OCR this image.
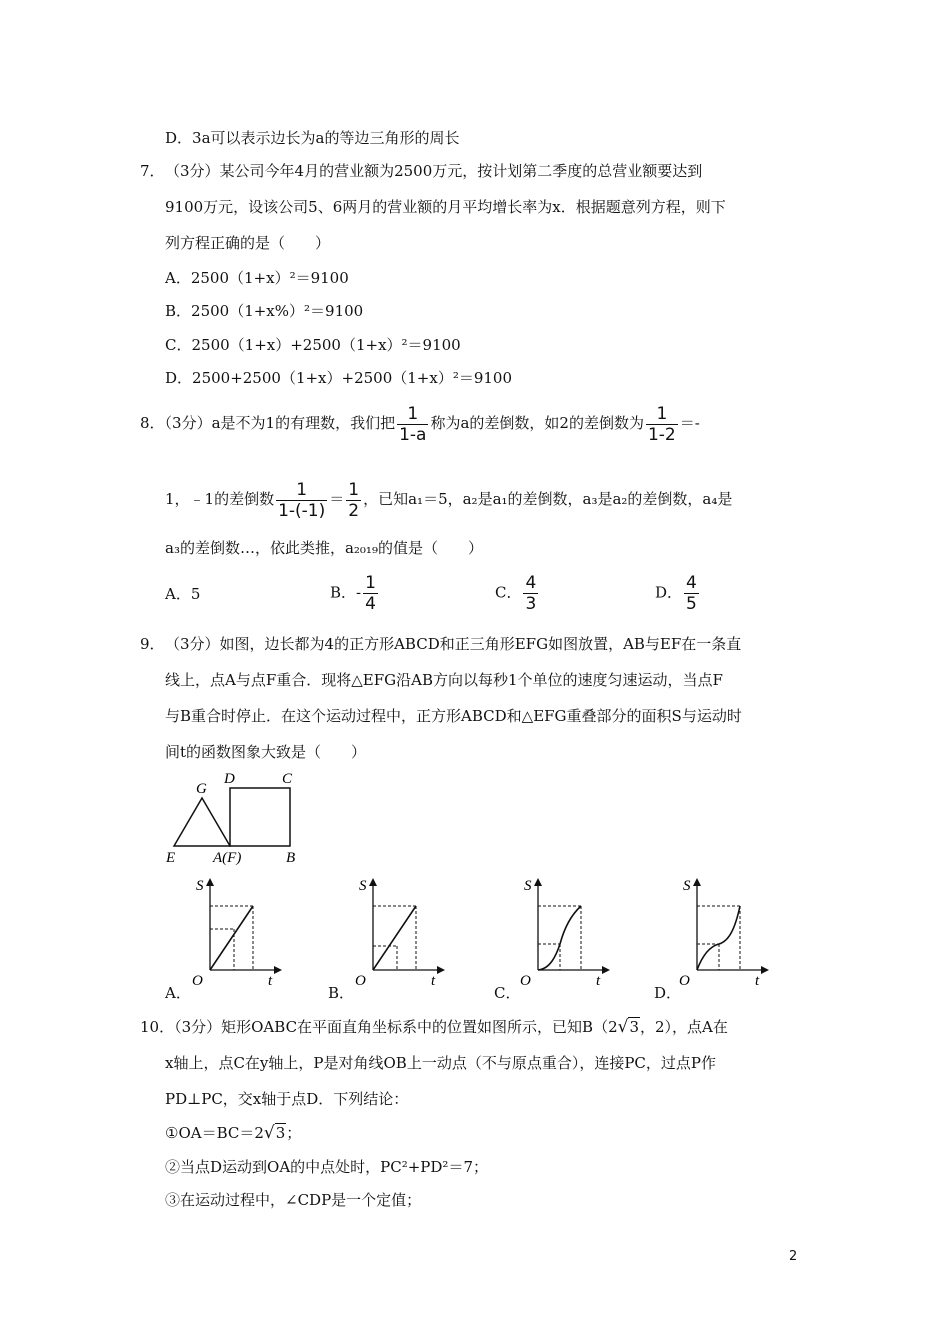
D．3a可以表示边长为a的等边三角形的周长
7． （3分）某公司今年4月的营业额为2500万元，按计划第二季度的总营业额要达到
9100万元，设该公司5、6两月的营业额的月平均增长率为x．根据题意列方程，则下
列方程正确的是（　　）
A．2500（1+x）²＝9100
B．2500（1+x%）²＝9100
C．2500（1+x）+2500（1+x）²＝9100
D．2500+2500（1+x）+2500（1+x）²＝9100
8．（3分）a是不为1的有理数，我们把 $\frac{1}{1-a}$ 称为a的差倒数，如2的差倒数为 $\frac{1}{1-2}$ ＝-
1，﹣1的差倒数 $\frac{1}{1-(-1)} = \frac{1}{2}$ ，已知a₁＝5，a₂是a₁的差倒数，a₃是a₂的差倒数，a₄是
a₃的差倒数…，依此类推，a₂₀₁₉的值是（　　）
A．5	B．- $\frac{1}{4}$	C． $\frac{4}{3}$	D． $\frac{4}{5}$
9． （3分）如图，边长都为4的正方形ABCD和正三角形EFG如图放置，AB与EF在一条直
线上，点A与点F重合．现将△EFG沿AB方向以每秒1个单位的速度匀速运动，当点F
与B重合时停止．在这个运动过程中，正方形ABCD和△EFG重叠部分的面积S与运动时
间t的函数图象大致是（　　）
G
D	C
E	A(F)	B
A．	B．	C．	D．
S
O	t
S
O	t
S
O	t
S
O	t
10．（3分）矩形OABC在平面直角坐标系中的位置如图所示，已知B（2√3，2），点A在
x轴上，点C在y轴上，P是对角线OB上一动点（不与原点重合），连接PC，过点P作
PD⊥PC，交x轴于点D．下列结论：
①OA＝BC＝2√3；
②当点D运动到OA的中点处时，PC²+PD²＝7；
③在运动过程中，∠CDP是一个定值；
2
